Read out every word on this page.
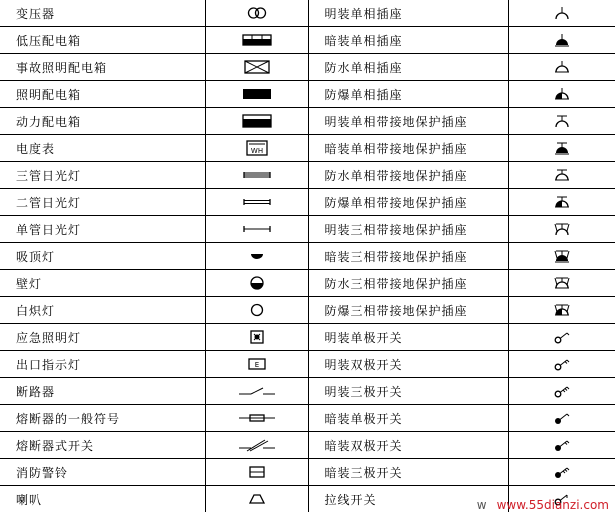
变压器		明装单相插座	

低压配电箱		暗装单相插座	

事故照明配电箱		防水单相插座	

照明配电箱		防爆单相插座	

动力配电箱		明装单相带接地保护插座	

电度表	WH	暗装单相带接地保护插座	

三管日光灯		防水单相带接地保护插座	

二管日光灯		防爆单相带接地保护插座	

单管日光灯		明装三相带接地保护插座	

吸顶灯		暗装三相带接地保护插座	

壁灯		防水三相带接地保护插座	

白炽灯		防爆三相带接地保护插座	

应急照明灯		明装单极开关	

出口指示灯	E	明装双极开关	

断路器		明装三极开关	

熔断器的一般符号		暗装单极开关	

熔断器式开关		暗装双极开关	

消防警铃		暗装三极开关	

喇叭		拉线开关		w www.55dianzi.com
